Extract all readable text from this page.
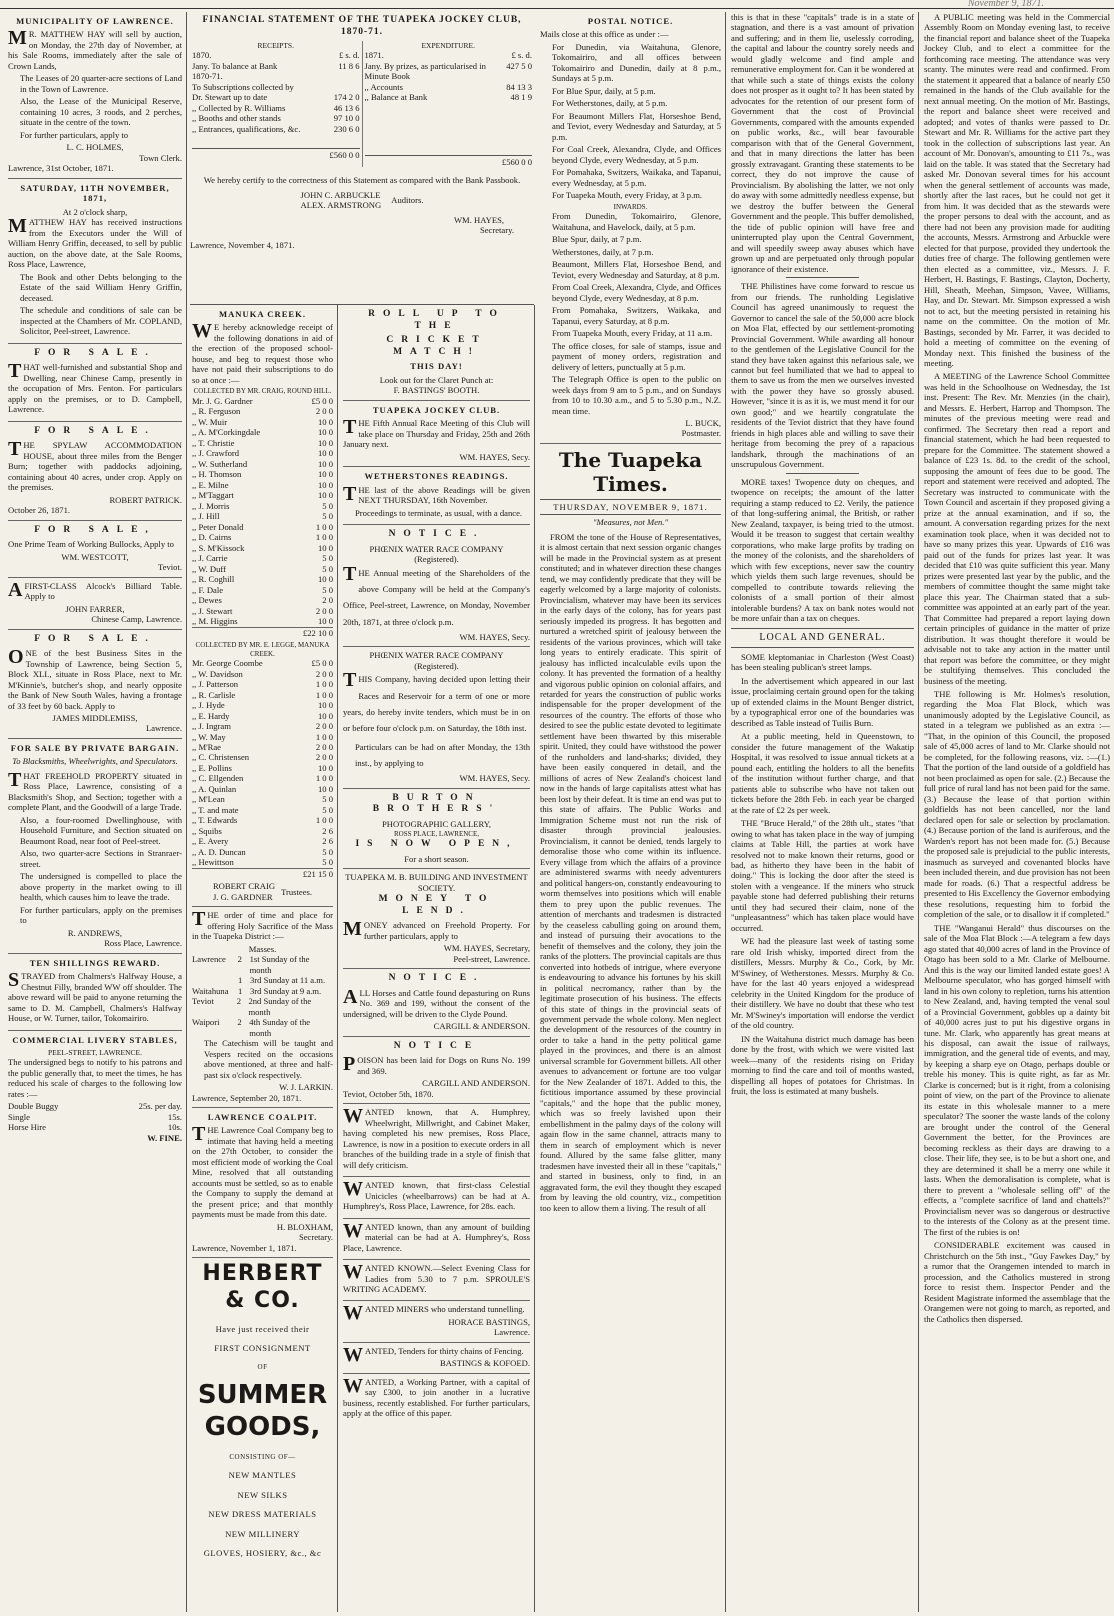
November 9, 1871.
MUNICIPALITY OF LAWRENCE.

MR. MATTHEW HAY will sell by auction, on Monday, the 27th day of November, at his Sale Rooms, immediately after the sale of Crown Lands,

The Leases of 20 quarter-acre sections of Land in the Town of Lawrence.

Also, the Lease of the Municipal Reserve, containing 10 acres, 3 roods, and 2 perches, situate in the centre of the town.

For further particulars, apply to

L. C. HOLMES,
Town Clerk.
Lawrence, 31st October, 1871.
SATURDAY, 11TH NOVEMBER, 1871,
At 2 o'clock sharp,

MATTHEW HAY has received instructions from the Executors under the Will of William Henry Griffin, deceased, to sell by public auction, on the above date, at the Sale Rooms, Ross Place, Lawrence,

The Book and other Debts belonging to the Estate of the said William Henry Griffin, deceased.

The schedule and conditions of sale can be inspected at the Chambers of Mr. COPLAND, Solicitor, Peel-street, Lawrence.

FOR SALE.

THAT well-furnished and substantial Shop and Dwelling, near Chinese Camp, presently in the occupation of Mrs. Fenton. For particulars apply on the premises, or to D. Campbell, Lawrence.

FOR SALE.

THE SPYLAW ACCOMMODATION HOUSE, about three miles from the Benger Burn; together with paddocks adjoining, containing about 40 acres, under crop. Apply on the premises.

ROBERT PATRICK.
October 26, 1871.
FOR SALE,

One Prime Team of Working Bullocks, Apply to

WM. WESTCOTT,
Teviot.

AFIRST-CLASS Alcock's Billiard Table. Apply to

JOHN FARRER,
Chinese Camp, Lawrence.
FOR SALE.

ONE of the best Business Sites in the Township of Lawrence, being Section 5, Block XLI., situate in Ross Place, next to Mr. M'Kinnie's, butcher's shop, and nearly opposite the Bank of New South Wales, having a frontage of 33 feet by 60 back. Apply to

JAMES MIDDLEMISS,
Lawrence.
FOR SALE BY PRIVATE BARGAIN.
To Blacksmiths, Wheelwrights, and Speculators.

THAT FREEHOLD PROPERTY situated in Ross Place, Lawrence, consisting of a Blacksmith's Shop, and Section; together with a complete Plant, and the Goodwill of a large Trade.

Also, a four-roomed Dwellinghouse, with Household Furniture, and Section situated on Beaumont Road, near foot of Peel-street.

Also, two quarter-acre Sections in Stranraer-street.

The undersigned is compelled to place the above property in the market owing to ill health, which causes him to leave the trade.

For further particulars, apply on the premises to

R. ANDREWS,
Ross Place, Lawrence.
TEN SHILLINGS REWARD.

STRAYED from Chalmers's Halfway House, a Chestnut Filly, branded WW off shoulder. The above reward will be paid to anyone returning the same to D. M. Campbell, Chalmers's Halfway House, or W. Turner, tailor, Tokomairiro.

COMMERCIAL LIVERY STABLES,
PEEL-STREET, LAWRENCE.

The undersigned begs to notify to his patrons and the public generally that, to meet the times, he has reduced his scale of charges to the following low rates :—

Double Buggy	25s. per day.
Single	15s.
Horse Hire	10s.
W. FINE.
FINANCIAL STATEMENT OF THE TUAPEKA JOCKEY CLUB, 1870-71.
RECEIPTS.
1870.	£ s. d.
Jany. To balance at Bank	11 8 6
1870-71.
To Subscriptions collected by
Dr. Stewart up to date	174 2 0
,, Collected by R. Williams	46 13 6
,, Booths and other stands	97 10 0
,, Entrances, qualifications, &c.	230 6 0
£560 0 0

EXPENDITURE.
1871.	£ s. d.
Jany. By prizes, as particularised in Minute Book
427 5 0
,, Accounts	84 13 3
,, Balance at Bank	48 1 9
£560 0 0

We hereby certify to the correctness of this Statement as compared with the Bank Passbook.

JOHN C. ARBUCKLE
ALEX. ARMSTRONG
Auditors.
WM. HAYES,
Secretary.
Lawrence, November 4, 1871.
MANUKA CREEK.

WE hereby acknowledge receipt of the following donations in aid of the erection of the proposed school-house, and beg to request those who have not paid their subscriptions to do so at once :—

COLLECTED BY MR. CRAIG, ROUND HILL.
Mr. J. G. Gardner	£5 0 0
,, R. Ferguson	2 0 0
,, W. Muir	10 0
,, A. M'Corkingdale	10 0
,, T. Christie	10 0
,, J. Crawford	10 0
,, W. Sutherland	10 0
,, H. Thomson	10 0
,, E. Milne	10 0
,, M'Taggart	10 0
,, J. Morris	5 0
,, J. Hill	5 0
,, Peter Donald	1 0 0
,, D. Cairns	1 0 0
,, S. M'Kissock	10 0
,, J. Carrie	5 0
,, W. Duff	5 0
,, R. Coghill	10 0
,, F. Dale	5 0
,, Dewes	2 0
,, J. Stewart	2 0 0
,, M. Higgins	10 0
£22 10 0
COLLECTED BY MR. E. LEGGE, MANUKA CREEK.
Mr. George Coombe	£5 0 0
,, W. Davidson	2 0 0
,, J. Patterson	1 0 0
,, R. Carlisle	1 0 0
,, J. Hyde	10 0
,, E. Hardy	10 0
,, J. Ingram	2 0 0
,, W. May	1 0 0
,, M'Rae	2 0 0
,, C. Christensen	2 0 0
,, E. Pollins	10 0
,, C. Ellgenden	1 0 0
,, A. Quinlan	10 0
,, M'Lean	5 0
,, T. and mate	5 0
,, T. Edwards	1 0 0
,, Squibs	2 6
,, E. Avery	2 6
,, A. D. Duncan	5 0
,, Hewittson	5 0
£21 15 0
ROBERT CRAIG
J. G. GARDNER
Trustees.

THE order of time and place for offering Holy Sacrifice of the Mass in the Tuapeka District :—

Masses.
Lawrence	2 1st Sunday of the month
1 3rd Sunday at 11 a.m.
Waitahuna	1 3rd Sunday at 9 a.m.
Teviot	2 2nd Sunday of the month
Waipori	2 4th Sunday of the month

The Catechism will be taught and Vespers recited on the occasions above mentioned, at three and half-past six o'clock respectively.

W. J. LARKIN.
Lawrence, September 20, 1871.
LAWRENCE COALPIT.

THE Lawrence Coal Company beg to intimate that having held a meeting on the 27th October, to consider the most efficient mode of working the Coal Mine, resolved that all outstanding accounts must be settled, so as to enable the Company to supply the demand at the present price; and that monthly payments must be made from this date.

H. BLOXHAM,
Secretary.
Lawrence, November 1, 1871.
HERBERT & CO.
Have just received their
FIRST CONSIGNMENT
OF
SUMMER GOODS,
CONSISTING OF—
NEW MANTLES
NEW SILKS
NEW DRESS MATERIALS
NEW MILLINERY
GLOVES, HOSIERY, &c., &c
ROLL UP TO THE
CRICKET MATCH!
THIS DAY!
Look out for the Claret Punch at:
F. BASTINGS' BOOTH.
TUAPEKA JOCKEY CLUB.

THE Fifth Annual Race Meeting of this Club will take place on Thursday and Friday, 25th and 26th January next.

WM. HAYES, Secy.
WETHERSTONES READINGS.

THE last of the above Readings will be given NEXT THURSDAY, 16th November.

Proceedings to terminate, as usual, with a dance.

NOTICE.
PHŒNIX WATER RACE COMPANY
(Registered).

THE Annual meeting of the Shareholders of the above Company will be held at the Company's Office, Peel-street, Lawrence, on Monday, November 20th, 1871, at three o'clock p.m.

WM. HAYES, Secy.
PHŒNIX WATER RACE COMPANY
(Registered).

THIS Company, having decided upon letting their Races and Reservoir for a term of one or more years, do hereby invite tenders, which must be in on or before four o'clock p.m. on Saturday, the 18th inst.

Particulars can be had on after Monday, the 13th inst., by applying to

WM. HAYES, Secy.
BURTON BROTHERS'
PHOTOGRAPHIC GALLERY,
ROSS PLACE, LAWRENCE,
IS NOW OPEN,
For a short season.
TUAPEKA M. B. BUILDING AND INVESTMENT SOCIETY.
MONEY TO LEND.

MONEY advanced on Freehold Property. For further particulars, apply to

WM. HAYES, Secretary,
Peel-street, Lawrence.
NOTICE.

ALL Horses and Cattle found depasturing on Runs No. 369 and 199, without the consent of the undersigned, will be driven to the Clyde Pound.

CARGILL & ANDERSON.
NOTICE

POISON has been laid for Dogs on Runs No. 199 and 369.

CARGILL AND ANDERSON.
Teviot, October 5th, 1870.

WANTED known, that A. Humphrey, Wheelwright, Millwright, and Cabinet Maker, having completed his new premises, Ross Place, Lawrence, is now in a position to execute orders in all branches of the building trade in a style of finish that will defy criticism.

WANTED known, that first-class Celestial Unicicles (wheelbarrows) can be had at A. Humphrey's, Ross Place, Lawrence, for 28s. each.

WANTED known, than any amount of building material can be had at A. Humphrey's, Ross Place, Lawrence.

WANTED KNOWN.—Select Evening Class for Ladies from 5.30 to 7 p.m. SPROULE'S WRITING ACADEMY.

WANTED MINERS who understand tunnelling.

HORACE BASTINGS,
Lawrence.

WANTED, Tenders for thirty chains of Fencing.

BASTINGS & KOFOED.

WANTED, a Working Partner, with a capital of say £300, to join another in a lucrative business, recently established. For further particulars, apply at the office of this paper.

POSTAL NOTICE.

Mails close at this office as under :—

For Dunedin, via Waitahuna, Glenore, Tokomairiro, and all offices between Tokomairiro and Dunedin, daily at 8 p.m., Sundays at 5 p.m.

For Blue Spur, daily, at 5 p.m.

For Wetherstones, daily, at 5 p.m.

For Beaumont Millers Flat, Horseshoe Bend, and Teviot, every Wednesday and Saturday, at 5 p.m.

For Coal Creek, Alexandra, Clyde, and Offices beyond Clyde, every Wednesday, at 5 p.m.

For Pomahaka, Switzers, Waikaka, and Tapanui, every Wednesday, at 5 p.m.

For Tuapeka Mouth, every Friday, at 3 p.m.

INWARDS.

From Dunedin, Tokomairiro, Glenore, Waitahuna, and Havelock, daily, at 5 p.m.

Blue Spur, daily, at 7 p.m.

Wetherstones, daily, at 7 p.m.

Beaumont, Millers Flat, Horseshoe Bend, and Teviot, every Wednesday and Saturday, at 8 p.m.

From Coal Creek, Alexandra, Clyde, and Offices beyond Clyde, every Wednesday, at 8 p.m.

From Pomahaka, Switzers, Waikaka, and Tapanui, every Saturday, at 8 p.m.

From Tuapeka Mouth, every Friday, at 11 a.m.

The office closes, for sale of stamps, issue and payment of money orders, registration and delivery of letters, punctually at 5 p.m.

The Telegraph Office is open to the public on week days from 9 am to 5 p.m., and on Sundays from 10 to 10.30 a.m., and 5 to 5.30 p.m., N.Z. mean time.

L. BUCK,
Postmaster.
The Tuapeka Times.
THURSDAY, NOVEMBER 9, 1871.
"Measures, not Men."

FROM the tone of the House of Representatives, it is almost certain that next session organic changes will be made in the Provincial system as at present constituted; and in whatever direction these changes tend, we may confidently predicate that they will be eagerly welcomed by a large majority of colonists. Provincialism, whatever may have been its services in the early days of the colony, has for years past seriously impeded its progress. It has begotten and nurtured a wretched spirit of jealousy between the residents of the various provinces, which will take long years to entirely eradicate. This spirit of jealousy has inflicted incalculable evils upon the colony. It has prevented the formation of a healthy and vigorous public opinion on colonial affairs, and retarded for years the construction of public works indispensable for the proper development of the resources of the country. The efforts of those who desired to see the public estate devoted to legitimate settlement have been thwarted by this miserable spirit. United, they could have withstood the power of the runholders and land-sharks; divided, they have been easily conquered in detail, and the millions of acres of New Zealand's choicest land now in the hands of large capitalists attest what has been lost by their defeat. It is time an end was put to this state of affairs. The Public Works and Immigration Scheme must not run the risk of disaster through provincial jealousies. Provincialism, it cannot be denied, tends largely to demoralise those who come within its influence. Every village from which the affairs of a province are administered swarms with needy adventurers and political hangers-on, constantly endeavouring to worm themselves into positions which will enable them to prey upon the public revenues. The attention of merchants and tradesmen is distracted by the ceaseless cabulling going on around them, and instead of pursuing their avocations to the benefit of themselves and the colony, they join the ranks of the plotters. The provincial capitals are thus converted into hotbeds of intrigue, where everyone is endeavouring to advance his fortunes by his skill in political necromancy, rather than by the legitimate prosecution of his business. The effects of this state of things in the provincial seats of government pervade the whole colony. Men neglect the development of the resources of the country in order to take a hand in the petty political game played in the provinces, and there is an almost universal scramble for Government billets. All other avenues to advancement or fortune are too vulgar for the New Zealander of 1871. Added to this, the fictitious importance assumed by these provincial "capitals," and the hope that the public money, which was so freely lavished upon their embellishment in the palmy days of the colony will again flow in the same channel, attracts many to them in search of employment which is never found. Allured by the same false glitter, many tradesmen have invested their all in these "capitals," and started in business, only to find, in an aggravated form, the evil they thought they escaped from by leaving the old country, viz., competition too keen to allow them a living. The result of all

this is that in these "capitals" trade is in a state of stagnation, and there is a vast amount of privation and suffering; and in them lie, uselessly corroding, the capital and labour the country sorely needs and would gladly welcome and find ample and remunerative employment for. Can it be wondered at that while such a state of things exists the colony does not prosper as it ought to? It has been stated by advocates for the retention of our present form of Government that the cost of Provincial Governments, compared with the amounts expended on public works, &c., will bear favourable comparison with that of the General Government, and that in many directions the latter has been grossly extravagant. Granting these statements to be correct, they do not improve the cause of Provincialism. By abolishing the latter, we not only do away with some admittedly needless expense, but we destroy the buffer between the General Government and the people. This buffer demolished, the tide of public opinion will have free and uninterrupted play upon the Central Government, and will speedily sweep away abuses which have grown up and are perpetuated only through popular ignorance of their existence.

THE Philistines have come forward to rescue us from our friends. The runholding Legislative Council has agreed unanimously to request the Governor to cancel the sale of the 50,000 acre block on Moa Flat, effected by our settlement-promoting Provincial Government. While awarding all honour to the gentlemen of the Legislative Council for the stand they have taken against this nefarious sale, we cannot but feel humiliated that we had to appeal to them to save us from the men we ourselves invested with the power they have so grossly abused. However, "since it is as it is, we must mend it for our own good;" and we heartily congratulate the residents of the Teviot district that they have found friends in high places able and willing to save their heritage from becoming the prey of a rapacious landshark, through the machinations of an unscrupulous Government.

MORE taxes! Twopence duty on cheques, and twopence on receipts; the amount of the latter requiring a stamp reduced to £2. Verily, the patience of that long-suffering animal, the British, or rather New Zealand, taxpayer, is being tried to the utmost. Would it be treason to suggest that certain wealthy corporations, who make large profits by trading on the money of the colonists, and the shareholders of which with few exceptions, never saw the country which yields them such large revenues, should be compelled to contribute towards relieving the colonists of a small portion of their almost intolerable burdens? A tax on bank notes would not be more unfair than a tax on cheques.

LOCAL AND GENERAL.

SOME kleptomaniac in Charleston (West Coast) has been stealing publican's street lamps.

In the advertisement which appeared in our last issue, proclaiming certain ground open for the taking up of extended claims in the Mount Benger district, by a typographical error one of the boundaries was described as Table instead of Tuilis Burn.

At a public meeting, held in Queenstown, to consider the future management of the Wakatip Hospital, it was resolved to issue annual tickets at a pound each, entitling the holders to all the benefits of the institution without further charge, and that patients able to subscribe who have not taken out tickets before the 28th Feb. in each year be charged at the rate of £2 2s per week.

THE "Bruce Herald," of the 28th ult., states "that owing to what has taken place in the way of jumping claims at Table Hill, the parties at work have resolved not to make known their returns, good or bad, as hitherto they have been in the habit of doing." This is locking the door after the steed is stolen with a vengeance. If the miners who struck payable stone had deferred publishing their returns until they had secured their claim, none of the "unpleasantness" which has taken place would have occurred.

WE had the pleasure last week of tasting some rare old Irish whisky, imported direct from the distillers, Messrs. Murphy & Co., Cork, by Mr. M'Swiney, of Wetherstones. Messrs. Murphy & Co. have for the last 40 years enjoyed a widespread celebrity in the United Kingdom for the produce of their distillery. We have no doubt that these who test Mr. M'Swiney's importation will endorse the verdict of the old country.

IN the Waitahuna district much damage has been done by the frost, with which we were visited last week—many of the residents rising on Friday morning to find the care and toil of months wasted, dispelling all hopes of potatoes for Christmas. In fruit, the loss is estimated at many bushels.

A PUBLIC meeting was held in the Commercial Assembly Room on Monday evening last, to receive the financial report and balance sheet of the Tuapeka Jockey Club, and to elect a committee for the forthcoming race meeting. The attendance was very scanty. The minutes were read and confirmed. From the statement it appeared that a balance of nearly £50 remained in the hands of the Club available for the next annual meeting. On the motion of Mr. Bastings, the report and balance sheet were received and adopted; and votes of thanks were passed to Dr. Stewart and Mr. R. Williams for the active part they took in the collection of subscriptions last year. An account of Mr. Donovan's, amounting to £11 7s., was laid on the table. It was stated that the Secretary had asked Mr. Donovan several times for his account when the general settlement of accounts was made, shortly after the last races, but he could not get it from him. It was decided that as the stewards were the proper persons to deal with the account, and as there had not been any provision made for auditing the accounts, Messrs. Armstrong and Arbuckle were elected for that purpose, provided they undertook the duties free of charge. The following gentlemen were then elected as a committee, viz., Messrs. J. F. Herbert, H. Bastings, F. Bastings, Clayton, Docherty, Hill, Sheath, Meehan, Simpson, Vavee, Williams, Hay, and Dr. Stewart. Mr. Simpson expressed a wish not to act, but the meeting persisted in retaining his name on the committee. On the motion of Mr. Bastings, seconded by Mr. Farrer, it was decided to hold a meeting of committee on the evening of Monday next. This finished the business of the meeting.

A MEETING of the Lawrence School Committee was held in the Schoolhouse on Wednesday, the 1st inst. Present: The Rev. Mr. Menzies (in the chair), and Messrs. E. Herbert, Harrop and Thompson. The minutes of the previous meeting were read and confirmed. The Secretary then read a report and financial statement, which he had been requested to prepare for the Committee. The statement showed a balance of £23 1s. 8d. to the credit of the school, supposing the amount of fees due to be good. The report and statement were received and adopted. The Secretary was instructed to communicate with the Town Council and ascertain if they proposed giving a prize at the annual examination, and if so, the amount. A conversation regarding prizes for the next examination took place, when it was decided not to have so many prizes this year. Upwards of £16 was paid out of the funds for prizes last year. It was decided that £10 was quite sufficient this year. Many prizes were presented last year by the public, and the members of committee thought the same might take place this year. The Chairman stated that a sub-committee was appointed at an early part of the year. That Committee had prepared a report laying down certain principles of guidance in the matter of prize distribution. It was thought therefore it would be advisable not to take any action in the matter until that report was before the committee, or they might be stultifying themselves. This concluded the business of the meeting.

THE following is Mr. Holmes's resolution, regarding the Moa Flat Block, which was unanimously adopted by the Legislative Council, as stated in a telegram we published as an extra :— "That, in the opinion of this Council, the proposed sale of 45,000 acres of land to Mr. Clarke should not be completed, for the following reasons, viz. :—(1.) That the portion of the land outside of a goldfield has not been proclaimed as open for sale. (2.) Because the full price of rural land has not been paid for the same. (3.) Because the lease of that portion within goldfields has not been cancelled, nor the land declared open for sale or selection by proclamation. (4.) Because portion of the land is auriferous, and the Warden's report has not been made for. (5.) Because the proposed sale is prejudicial to the public interests, inasmuch as surveyed and covenanted blocks have been included therein, and due provision has not been made for roads. (6.) That a respectful address be presented to His Excellency the Governor embodying these resolutions, requesting him to forbid the completion of the sale, or to disallow it if completed."

THE "Wanganui Herald" thus discourses on the sale of the Moa Flat Block :—A telegram a few days ago stated that 40,000 acres of land in the Province of Otago has been sold to a Mr. Clarke of Melbourne. And this is the way our limited landed estate goes! A Melbourne speculator, who has gorged himself with land in his own colony to repletion, turns his attention to New Zealand, and, having tempted the venal soul of a Provincial Government, gobbles up a dainty bit of 40,000 acres just to put his digestive organs in tune. Mr. Clark, who apparently has great means at his disposal, can await the issue of railways, immigration, and the general tide of events, and may, by keeping a sharp eye on Otago, perhaps double or treble his money. This is quite right, as far as Mr. Clarke is concerned; but is it right, from a colonising point of view, on the part of the Province to alienate its estate in this wholesale manner to a mere speculator? The sooner the waste lands of the colony are brought under the control of the General Government the better, for the Provinces are becoming reckless as their days are drawing to a close. Their life, they see, is to be but a short one, and they are determined it shall be a merry one while it lasts. When the demoralisation is complete, what is there to prevent a "wholesale selling off" of the effects, a "complete sacrifice of land and chattels?" Provincialism never was so dangerous or destructive to the interests of the Colony as at the present time. The first of the rubies is on!

CONSIDERABLE excitement was caused in Christchurch on the 5th inst., "Guy Fawkes Day," by a rumor that the Orangemen intended to march in procession, and the Catholics mustered in strong force to resist them. Inspector Pender and the Resident Magistrate informed the assemblage that the Orangemen were not going to march, as reported, and the Catholics then dispersed.
